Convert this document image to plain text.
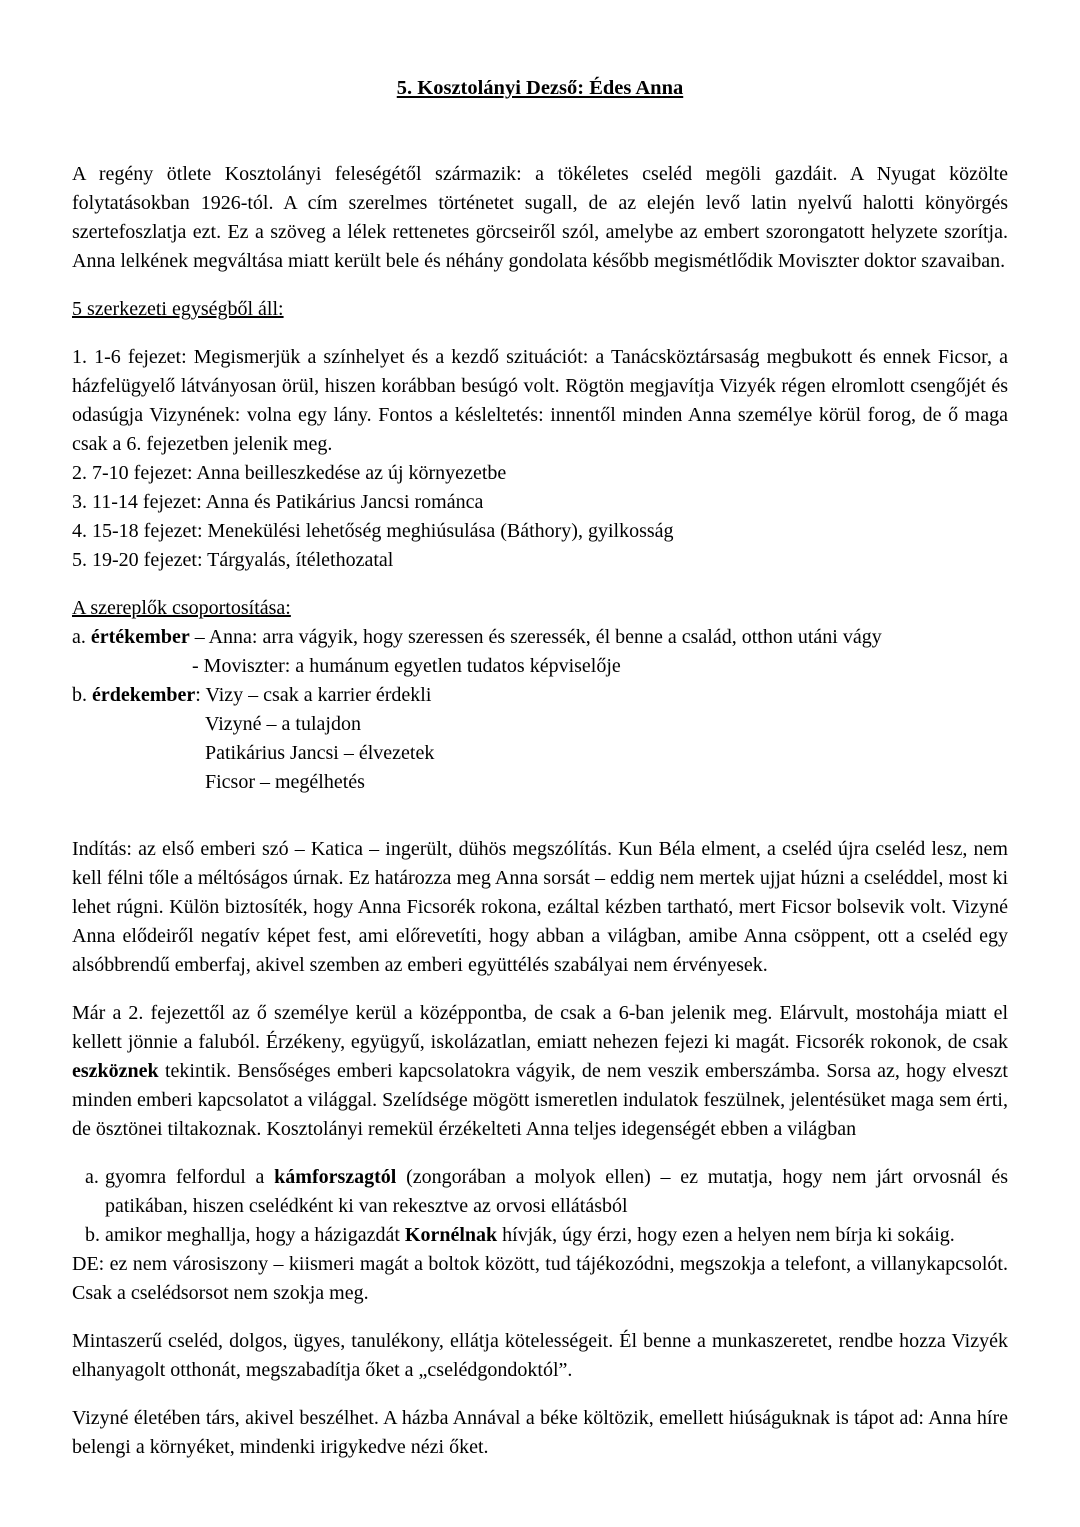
5. Kosztolányi Dezső: Édes Anna

A regény ötlete Kosztolányi feleségétől származik: a tökéletes cseléd megöli gazdáit. A Nyugat közölte folytatásokban 1926-tól. A cím szerelmes történetet sugall, de az elején levő latin nyelvű halotti könyörgés szertefoszlatja ezt. Ez a szöveg a lélek rettenetes görcseiről szól, amelybe az embert szorongatott helyzete szorítja. Anna lelkének megváltása miatt került bele és néhány gondolata később megismétlődik Moviszter doktor szavaiban.

5 szerkezeti egységből áll:
1. 1-6 fejezet: Megismerjük a színhelyet és a kezdő szituációt: a Tanácsköztársaság megbukott és ennek Ficsor, a házfelügyelő látványosan örül, hiszen korábban besúgó volt. Rögtön megjavítja Vizyék régen elromlott csengőjét és odasúgja Vizynének: volna egy lány. Fontos a késleltetés: innentől minden Anna személye körül forog, de ő maga csak a 6. fejezetben jelenik meg.
2. 7-10 fejezet: Anna beilleszkedése az új környezetbe
3. 11-14 fejezet: Anna és Patikárius Jancsi románca
4. 15-18 fejezet: Menekülési lehetőség meghiúsulása (Báthory), gyilkosság
5. 19-20 fejezet: Tárgyalás, ítélethozatal
A szereplők csoportosítása:
a. értékember – Anna: arra vágyik, hogy szeressen és szeressék, él benne a család, otthon utáni vágy
- Moviszter: a humánum egyetlen tudatos képviselője
b. érdekember: Vizy – csak a karrier érdekli
Vizyné – a tulajdon
Patikárius Jancsi – élvezetek
Ficsor – megélhetés

Indítás: az első emberi szó – Katica – ingerült, dühös megszólítás. Kun Béla elment, a cseléd újra cseléd lesz, nem kell félni tőle a méltóságos úrnak. Ez határozza meg Anna sorsát – eddig nem mertek ujjat húzni a cseléddel, most ki lehet rúgni. Külön biztosíték, hogy Anna Ficsorék rokona, ezáltal kézben tartható, mert Ficsor bolsevik volt. Vizyné Anna elődeiről negatív képet fest, ami előrevetíti, hogy abban a világban, amibe Anna csöppent, ott a cseléd egy alsóbbrendű emberfaj, akivel szemben az emberi együttélés szabályai nem érvényesek.

Már a 2. fejezettől az ő személye kerül a középpontba, de csak a 6-ban jelenik meg. Elárvult, mostohája miatt el kellett jönnie a faluból. Érzékeny, együgyű, iskolázatlan, emiatt nehezen fejezi ki magát. Ficsorék rokonok, de csak eszköznek tekintik. Bensőséges emberi kapcsolatokra vágyik, de nem veszik emberszámba. Sorsa az, hogy elveszt minden emberi kapcsolatot a világgal. Szelídsége mögött ismeretlen indulatok feszülnek, jelentésüket maga sem érti, de ösztönei tiltakoznak. Kosztolányi remekül érzékelteti Anna teljes idegenségét ebben a világban

a. gyomra felfordul a kámforszagtól (zongorában a molyok ellen) – ez mutatja, hogy nem járt orvosnál és patikában, hiszen cselédként ki van rekesztve az orvosi ellátásból
b. amikor meghallja, hogy a házigazdát Kornélnak hívják, úgy érzi, hogy ezen a helyen nem bírja ki sokáig.

DE: ez nem városiszony – kiismeri magát a boltok között, tud tájékozódni, megszokja a telefont, a villanykapcsolót. Csak a cselédsorsot nem szokja meg.

Mintaszerű cseléd, dolgos, ügyes, tanulékony, ellátja kötelességeit. Él benne a munkaszeretet, rendbe hozza Vizyék elhanyagolt otthonát, megszabadítja őket a „cselédgondoktól”.

Vizyné életében társ, akivel beszélhet. A házba Annával a béke költözik, emellett hiúságuknak is tápot ad: Anna híre belengi a környéket, mindenki irigykedve nézi őket.
